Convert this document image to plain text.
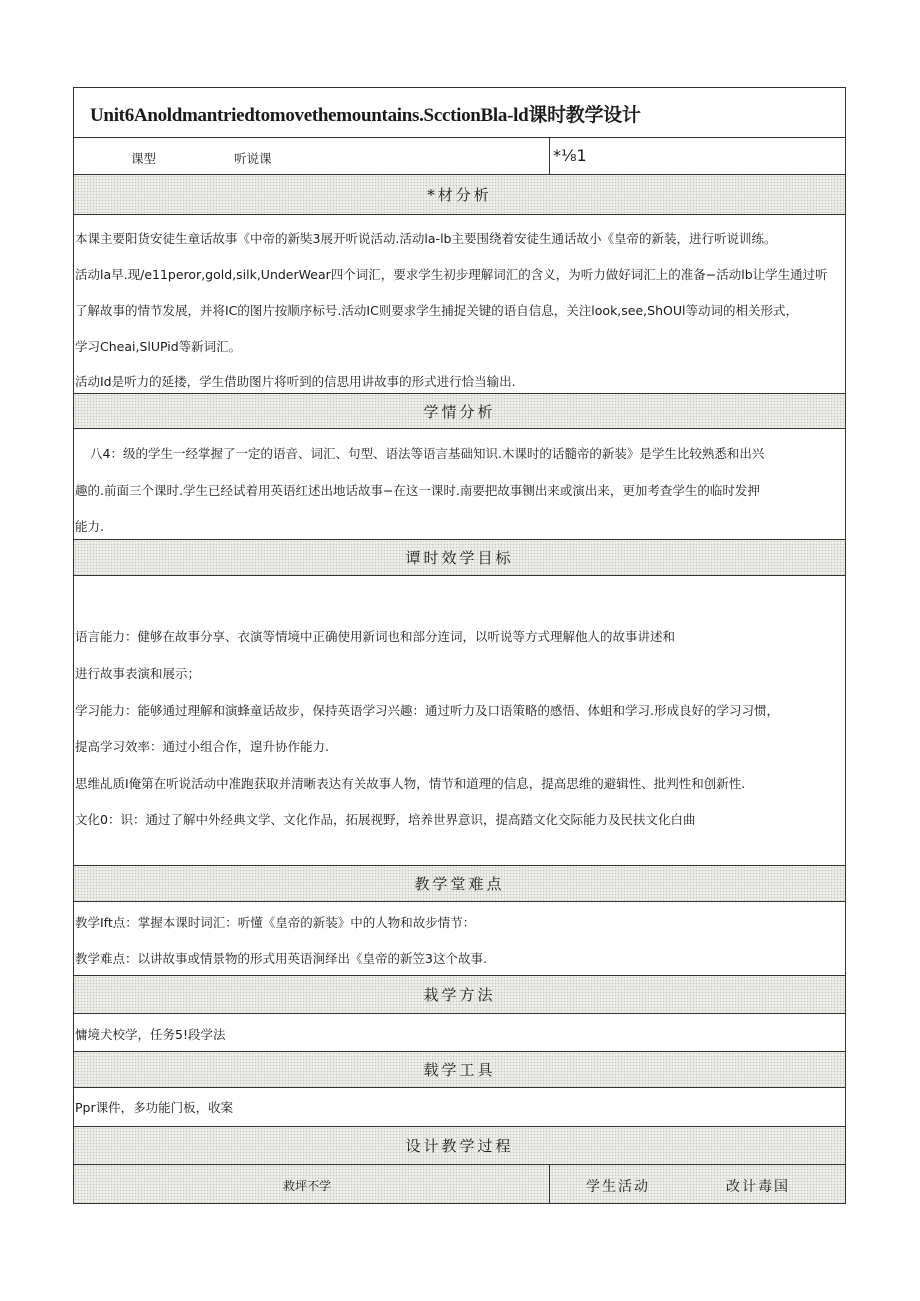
Unit6Anoldmantriedtomovethemountains.ScctionBla-ld课时教学设计
课型	听说课	*⅛1
*材分析
本课主要阳货安徒生童话故事《中帝的新奘3展开听说活动.活动la-lb主要围绕着安徒生通话故小《皇帝的新装，进行听说训练。
活动la早.现/e11peror,gold,silk,UnderWear四个词汇，要求学生初步理解词汇的含义，为听力做好词汇上的准备−活动lb让学生通过听
了解故事的情节发展，并将IC的图片按顺序标号.活动IC则要求学生捕捉关键的语自信息，关注look,see,ShOUl等动词的相关形式，
学习Cheai,SlUPid等新词汇。
活动Id是听力的延搂，学生借助图片将听到的信思用讲故事的形式进行恰当输出.
学情分析
八4：级的学生一经掌握了一定的语音、词汇、句型、语法等语言基础知识.木课时的话髓帝的新装》是学生比较熟悉和出兴
趣的.前面三个课时.学生已经试着用英语红述出地话故事−在这一课时.南要把故事铡出来或演出来，更加考查学生的临时发押
能力.
谭时效学目标
语言能力：健够在故事分享、衣演等情境中正确使用新词也和部分连词，以听说等方式理解他人的故事讲述和
进行故事表演和展示；
学习能力：能够通过理解和演蜂童话故步，保持英语学习兴趣：通过听力及口语策略的感悟、体蛆和学习.形成良好的学习习惯，
提高学习效率：通过小组合作，遑升协作能力.
思维乩质I俺第在听说活动中准跑获取并清晰表达有关故事人物，情节和道理的信息，提高思维的避辑性、批判性和创新性.
文化0：识：通过了解中外经典文学、文化作品，拓展视野，培养世界意识，提高踏文化交际能力及民扶文化白曲
教学堂难点
教学Ift点：掌握本课时词汇：听懂《皇帝的新装》中的人物和故步情节：
教学难点：以讲故事或情景物的形式用英语涧绎出《皇帝的新笠3这个故事.
栽学方法
慵境犬校学，任务5!段学法
载学工具
Ppr课件，多功能门板，收案
设计教学过程
救坪不学	学生活动	改计毒国
